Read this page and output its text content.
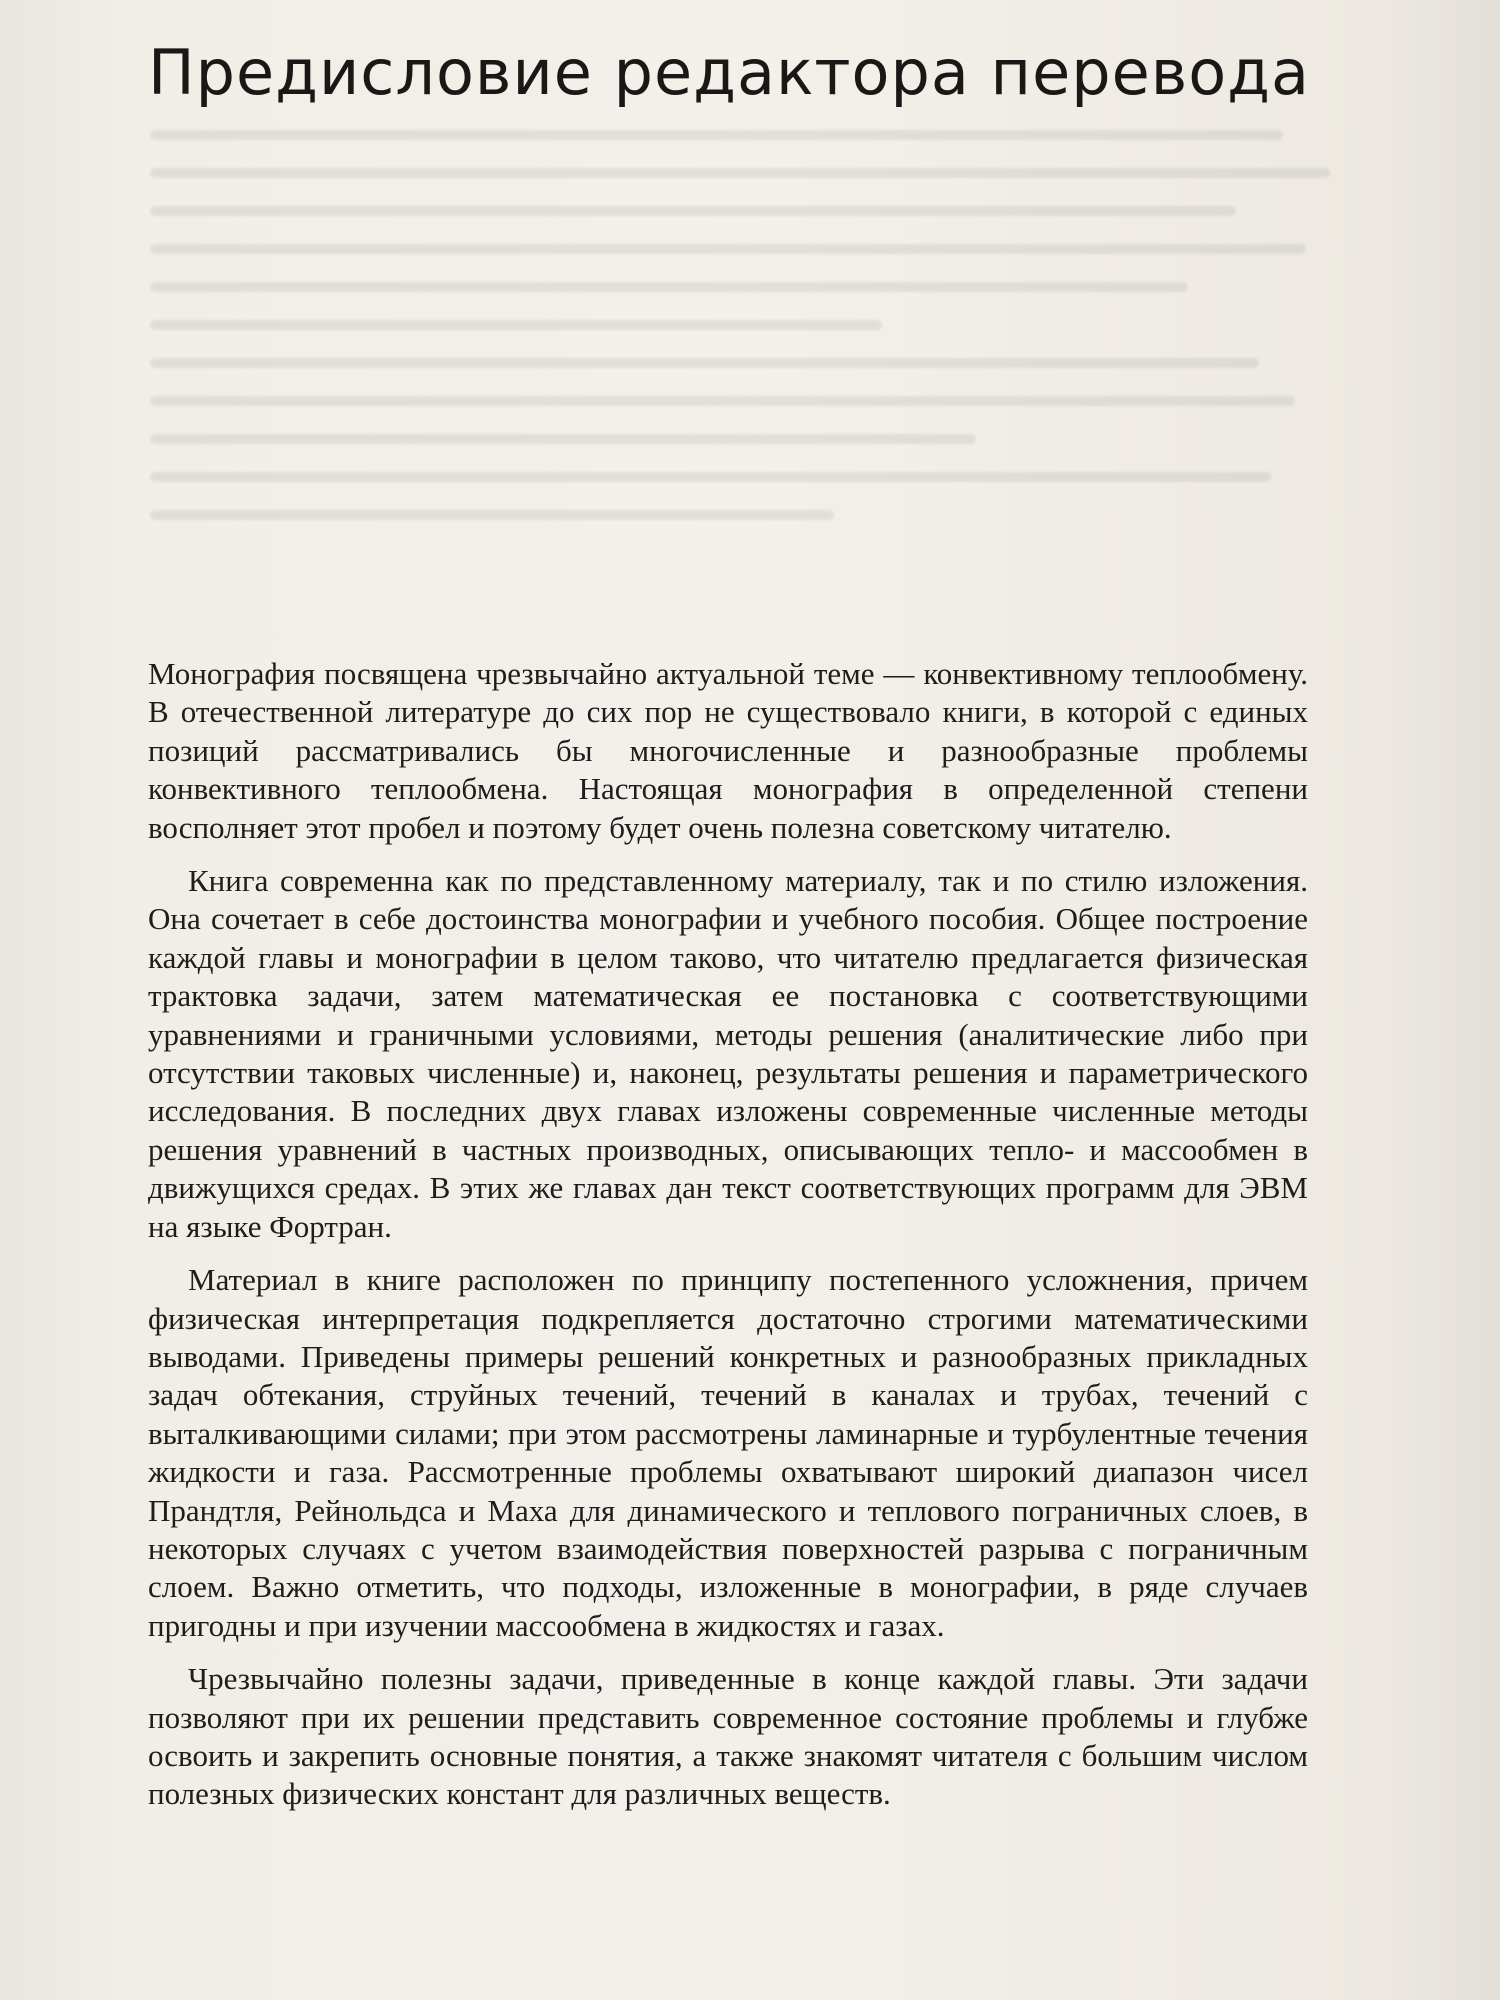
Предисловие редактора перевода

Монография посвящена чрезвычайно актуальной теме — конвективному теплообмену. В отечественной литературе до сих пор не существовало книги, в которой с единых позиций рассматривались бы многочисленные и разнообразные проблемы конвективного теплообмена. Настоящая монография в определенной степени восполняет этот пробел и поэтому будет очень полезна советскому читателю.

Книга современна как по представленному материалу, так и по стилю изложения. Она сочетает в себе достоинства монографии и учебного пособия. Общее построение каждой главы и монографии в целом таково, что читателю предлагается физическая трактовка задачи, затем математическая ее постановка с соответствующими уравнениями и граничными условиями, методы решения (аналитические либо при отсутствии таковых численные) и, наконец, результаты решения и параметрического исследования. В последних двух главах изложены современные численные методы решения уравнений в частных производных, описывающих тепло- и массообмен в движущихся средах. В этих же главах дан текст соответствующих программ для ЭВМ на языке Фортран.

Материал в книге расположен по принципу постепенного усложнения, причем физическая интерпретация подкрепляется достаточно строгими математическими выводами. Приведены примеры решений конкретных и разнообразных прикладных задач обтекания, струйных течений, течений в каналах и трубах, течений с выталкивающими силами; при этом рассмотрены ламинарные и турбулентные течения жидкости и газа. Рассмотренные проблемы охватывают широкий диапазон чисел Прандтля, Рейнольдса и Маха для динамического и теплового пограничных слоев, в некоторых случаях с учетом взаимодействия поверхностей разрыва с пограничным слоем. Важно отметить, что подходы, изложенные в монографии, в ряде случаев пригодны и при изучении массообмена в жидкостях и газах.

Чрезвычайно полезны задачи, приведенные в конце каждой главы. Эти задачи позволяют при их решении представить современное состояние проблемы и глубже освоить и закрепить основные понятия, а также знакомят читателя с большим числом полезных физических констант для различных веществ.
